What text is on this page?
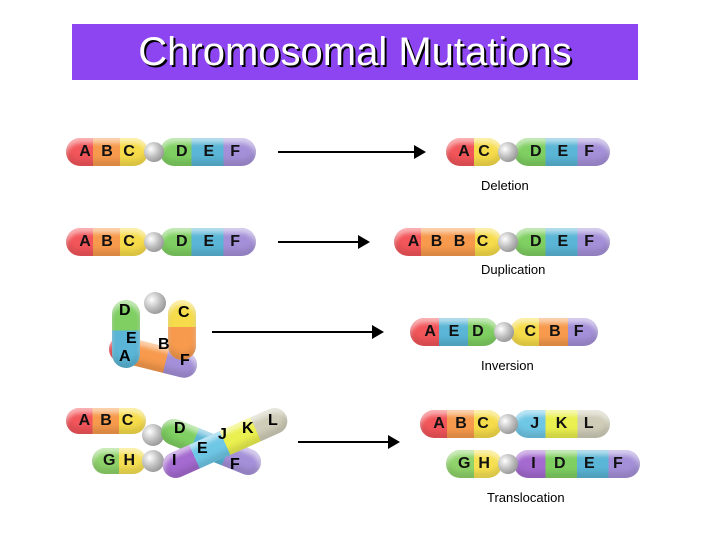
Chromosomal Mutations
A B C	D E F	A C	D E F
Deletion
A B C	D E F	A B B C	D E F
Duplication
D	C
E B
A	F
A E D	C B F
Inversion
A B C
G H
D
E
F
I
J K L	A B C	J K L
G H	I D E F
Translocation
